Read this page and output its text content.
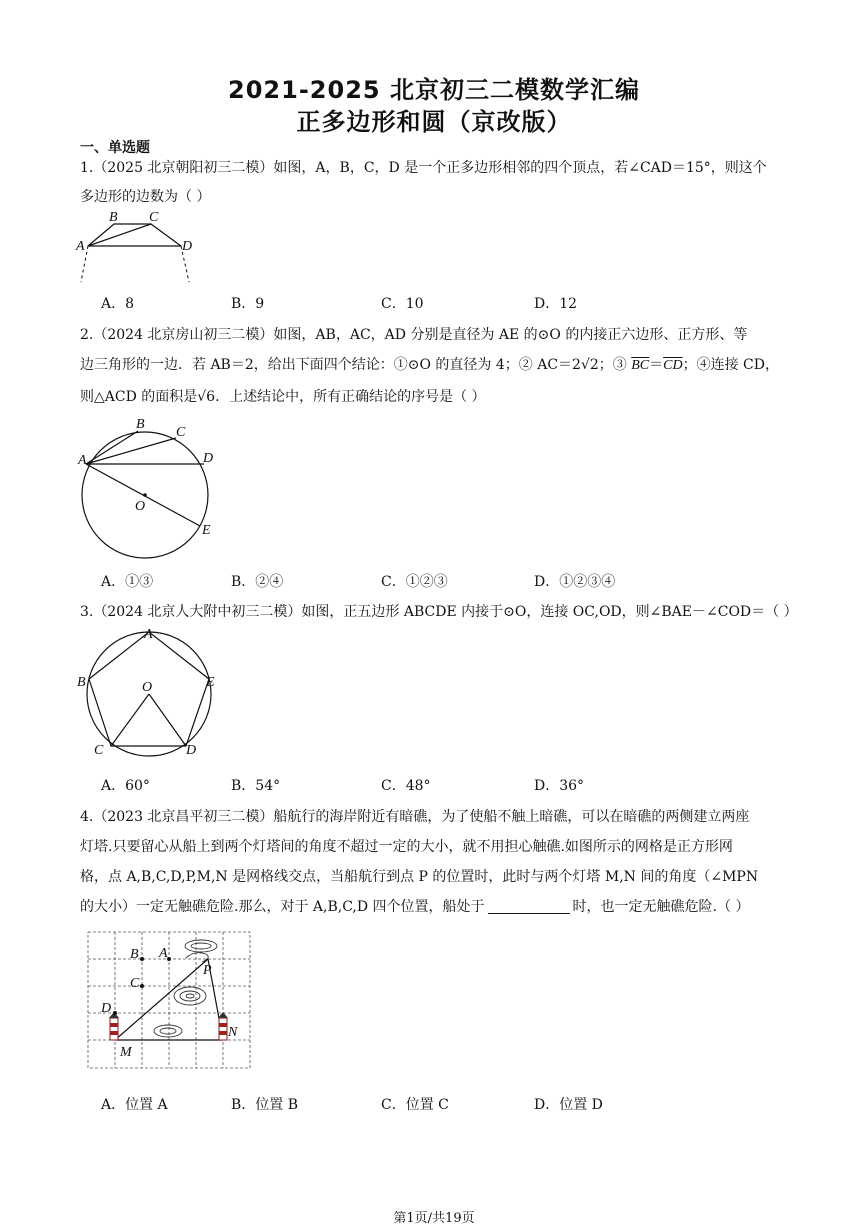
2021-2025 北京初三二模数学汇编
正多边形和圆（京改版）
一、单选题
1.（2025 北京朝阳初三二模）如图，A，B，C，D 是一个正多边形相邻的四个顶点，若∠CAD＝15°，则这个
多边形的边数为（ ）
A
B C
D
A．8	B．9	C．10	D．12
2.（2024 北京房山初三二模）如图，AB，AC，AD 分别是直径为 AE 的⊙O 的内接正六边形、正方形、等
边三角形的一边．若 AB＝2，给出下面四个结论：①⊙O 的直径为 4；② AC＝2√2；③ $\overline{BC}=\overline{CD}$；④连接 CD，
则△ACD 的面积是√6．上述结论中，所有正确结论的序号是（ ）
A
B
C
D
O
E
A．①③	B．②④	C．①②③	D．①②③④
3.（2024 北京人大附中初三二模）如图，正五边形 ABCDE 内接于⊙O，连接 OC,OD，则∠BAE－∠COD＝（ ）
A
B	O	E
C	D
A．60°	B．54°	C．48°	D．36°
4.（2023 北京昌平初三二模）船航行的海岸附近有暗礁，为了使船不触上暗礁，可以在暗礁的两侧建立两座
灯塔.只要留心从船上到两个灯塔间的角度不超过一定的大小，就不用担心触礁.如图所示的网格是正方形网
格，点 A,B,C,D,P,M,N 是网格线交点，当船航行到点 P 的位置时，此时与两个灯塔 M,N 间的角度（∠MPN
的大小）一定无触礁危险.那么，对于 A,B,C,D 四个位置，船处于	时，也一定无触礁危险.（ ）
B A
P
C
D
M
N
A．位置 A	B．位置 B	C．位置 C	D．位置 D
第1页/共19页
